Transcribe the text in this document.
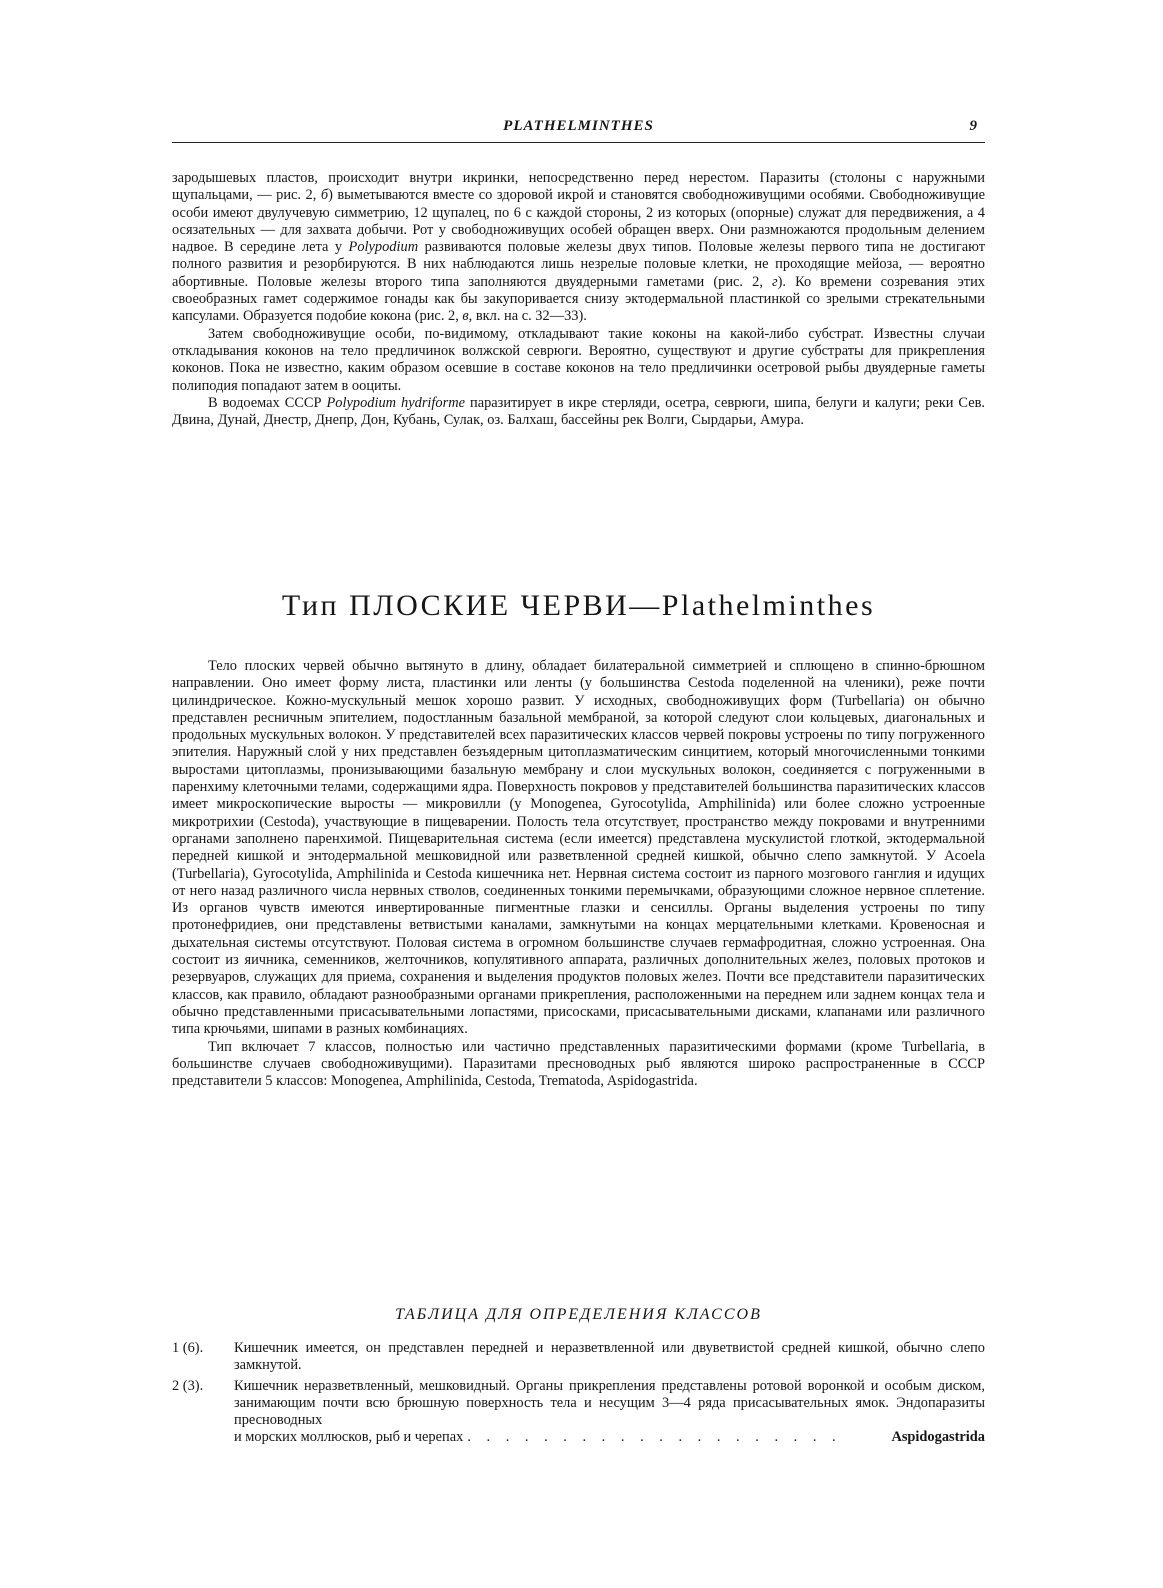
PLATHELMINTHES	9

зародышевых пластов, происходит внутри икринки, непосредственно перед нерестом. Паразиты (столоны с наружными щупальцами, — рис. 2, б) выметываются вместе со здоровой икрой и становятся свободноживущими особями. Свободноживущие особи имеют двулучевую симметрию, 12 щупалец, по 6 с каждой стороны, 2 из которых (опорные) служат для передвижения, а 4 осязательных — для захвата добычи. Рот у свободноживущих особей обращен вверх. Они размножаются продольным делением надвое. В середине лета у Polypodium развиваются половые железы двух типов. Половые железы первого типа не достигают полного развития и резорбируются. В них наблюдаются лишь незрелые половые клетки, не проходящие мейоза, — вероятно абортивные. Половые железы второго типа заполняются двуядерными гаметами (рис. 2, г). Ко времени созревания этих своеобразных гамет содержимое гонады как бы закупоривается снизу эктодермальной пластинкой со зрелыми стрекательными капсулами. Образуется подобие кокона (рис. 2, в, вкл. на с. 32—33).

Затем свободноживущие особи, по-видимому, откладывают такие коконы на какой-либо субстрат. Известны случаи откладывания коконов на тело предличинок волжской севрюги. Вероятно, существуют и другие субстраты для прикрепления коконов. Пока не известно, каким образом осевшие в составе коконов на тело предличинки осетровой рыбы двуядерные гаметы полиподия попадают затем в ооциты.

В водоемах СССР Polypodium hydriforme паразитирует в икре стерляди, осетра, севрюги, шипа, белуги и калуги; реки Сев. Двина, Дунай, Днестр, Днепр, Дон, Кубань, Сулак, оз. Балхаш, бассейны рек Волги, Сырдарьи, Амура.

Тип ПЛОСКИЕ ЧЕРВИ—Plathelminthes

Тело плоских червей обычно вытянуто в длину, обладает билатеральной симметрией и сплющено в спинно-брюшном направлении. Оно имеет форму листа, пластинки или ленты (у большинства Cestoda поделенной на членики), реже почти цилиндрическое. Кожно-мускульный мешок хорошо развит. У исходных, свободноживущих форм (Turbellaria) он обычно представлен ресничным эпителием, подостланным базальной мембраной, за которой следуют слои кольцевых, диагональных и продольных мускульных волокон. У представителей всех паразитических классов червей покровы устроены по типу погруженного эпителия. Наружный слой у них представлен безъядерным цитоплазматическим синцитием, который многочисленными тонкими выростами цитоплазмы, пронизывающими базальную мембрану и слои мускульных волокон, соединяется с погруженными в паренхиму клеточными телами, содержащими ядра. Поверхность покровов у представителей большинства паразитических классов имеет микроскопические выросты — микровилли (у Monogenea, Gyrocotylida, Amphilinida) или более сложно устроенные микротрихии (Cestoda), участвующие в пищеварении. Полость тела отсутствует, пространство между покровами и внутренними органами заполнено паренхимой. Пищеварительная система (если имеется) представлена мускулистой глоткой, эктодермальной передней кишкой и энтодермальной мешковидной или разветвленной средней кишкой, обычно слепо замкнутой. У Acoela (Turbellaria), Gyrocotylida, Amphilinida и Cestoda кишечника нет. Нервная система состоит из парного мозгового ганглия и идущих от него назад различного числа нервных стволов, соединенных тонкими перемычками, образующими сложное нервное сплетение. Из органов чувств имеются инвертированные пигментные глазки и сенсиллы. Органы выделения устроены по типу протонефридиев, они представлены ветвистыми каналами, замкнутыми на концах мерцательными клетками. Кровеносная и дыхательная системы отсутствуют. Половая система в огромном большинстве случаев гермафродитная, сложно устроенная. Она состоит из яичника, семенников, желточников, копулятивного аппарата, различных дополнительных желез, половых протоков и резервуаров, служащих для приема, сохранения и выделения продуктов половых желез. Почти все представители паразитических классов, как правило, обладают разнообразными органами прикрепления, расположенными на переднем или заднем концах тела и обычно представленными присасывательными лопастями, присосками, присасывательными дисками, клапанами или различного типа крючьями, шипами в разных комбинациях.

Тип включает 7 классов, полностью или частично представленных паразитическими формами (кроме Turbellaria, в большинстве случаев свободноживущими). Паразитами пресноводных рыб являются широко распространенные в СССР представители 5 классов: Monogenea, Amphilinida, Cestoda, Trematoda, Aspidogastrida.

ТАБЛИЦА ДЛЯ ОПРЕДЕЛЕНИЯ КЛАССОВ
1 (6). Кишечник имеется, он представлен передней и неразветвленной или двуветвистой средней кишкой, обычно слепо замкнутой.
2 (3). Кишечник неразветвленный, мешковидный. Органы прикрепления представлены ротовой воронкой и особым диском, занимающим почти всю брюшную поверхность тела и несущим 3—4 ряда присасывательных ямок. Эндопаразиты пресноводных
и морских моллюсков, рыб и черепах . . . . . . . . . . . . . . . . . . . .	Aspidogastrida
